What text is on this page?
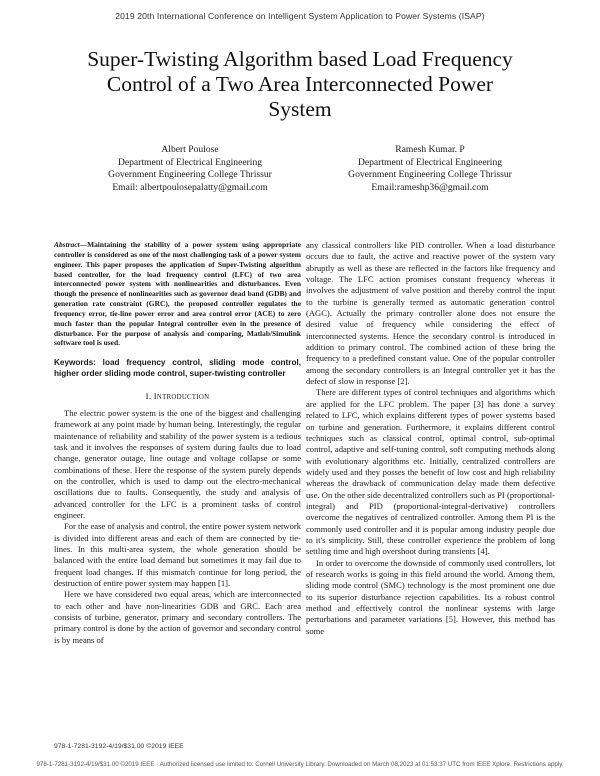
2019 20th International Conference on Intelligent System Application to Power Systems (ISAP)
Super-Twisting Algorithm based Load Frequency
Control of a Two Area Interconnected Power
System
Albert Poulose
Department of Electrical Engineering
Government Engineering College Thrissur
Email: albertpoulosepalatty@gmail.com
Ramesh Kumar. P
Department of Electrical Engineering
Government Engineering College Thrissur
Email:rameshp36@gmail.com

Abstract—Maintaining the stability of a power system using appropriate controller is considered as one of the most challenging task of a power system engineer. This paper proposes the application of Super-Twisting algorithm based controller, for the load frequency control (LFC) of two area interconnected power system with nonlinearities and disturbances. Even though the presence of nonlinearities such as governor dead band (GDB) and generation rate constraint (GRC), the proposed controller regulates the frequency error, tie-line power error and area control error (ACE) to zero much faster than the popular Integral controller even in the presence of disturbance. For the purpose of analysis and comparing, Matlab/Simulink software tool is used.

Keywords: load frequency control, sliding mode control, higher order sliding mode control, super-twisting controller

I. INTRODUCTION

The electric power system is the one of the biggest and challenging framework at any point made by human being. Interestingly, the regular maintenance of reliability and stability of the power system is a tedious task and it involves the responses of system during faults due to load change, generator outage, line outage and voltage collapse or some combinations of these. Here the response of the system purely depends on the controller, which is used to damp out the electro-mechanical oscillations due to faults. Consequently, the study and analysis of advanced controller for the LFC is a prominent tasks of control engineer.

For the ease of analysis and control, the entire power system network is divided into different areas and each of them are connected by tie-lines. In this multi-area system, the whole generation should be balanced with the entire load demand but sometimes it may fail due to frequent load changes. If this mismatch continue for long period, the destruction of entire power system may happen [1].

Here we have considered two equal areas, which are interconnected to each other and have non-linearities GDB and GRC. Each area consists of turbine, generator, primary and secondary controllers. The primary control is done by the action of governor and secondary control is by means of

any classical controllers like PID controller. When a load disturbance occurs due to fault, the active and reactive power of the system vary abruptly as well as these are reflected in the factors like frequency and voltage. The LFC action promises constant frequency whereas it involves the adjustment of valve position and thereby control the input to the turbine is generally termed as automatic generation control (AGC). Actually the primary controller alone does not ensure the desired value of frequency while considering the effect of interconnected systems. Hence the secondary control is introduced in addition to primary control. The combined action of these bring the frequency to a predefined constant value. One of the popular controller among the secondary controllers is an Integral controller yet it has the defect of slow in response [2].

There are different types of control techniques and algorithms which are applied for the LFC problem. The paper [3] has done a survey related to LFC, which explains different types of power systems based on turbine and generation. Furthermore, it explains different control techniques such as classical control, optimal control, sub-optimal control, adaptive and self-tuning control, soft computing methods along with evolutionary algorithms etc. Initially, centralized controllers are widely used and they posses the benefit of low cost and high reliability whereas the drawback of communication delay made them defective use. On the other side decentralized controllers such as PI (proportional-integral) and PID (proportional-integral-derivative) controllers overcome the negatives of centralized controller. Among them PI is the commonly used controller and it is popular among industry people due to it's simplicity. Still, these controller experience the problem of long settling time and high overshoot during transients [4].

In order to overcome the downside of commonly used controllers, lot of research works is going in this field around the world. Among them, sliding mode control (SMC) technology is the most prominent one due to its superior disturbance rejection capabilities. Its a robust control method and effectively control the nonlinear systems with large perturbations and parameter variations [5]. However, this method has some

978-1-7281-3192-4/19/$31.00 ©2019 IEEE
978-1-7281-3192-4/19/$31.00 ©2019 IEEE · Authorized licensed use limited to: Cornell University Library. Downloaded on March 08,2023 at 01:53:37 UTC from IEEE Xplore. Restrictions apply.
